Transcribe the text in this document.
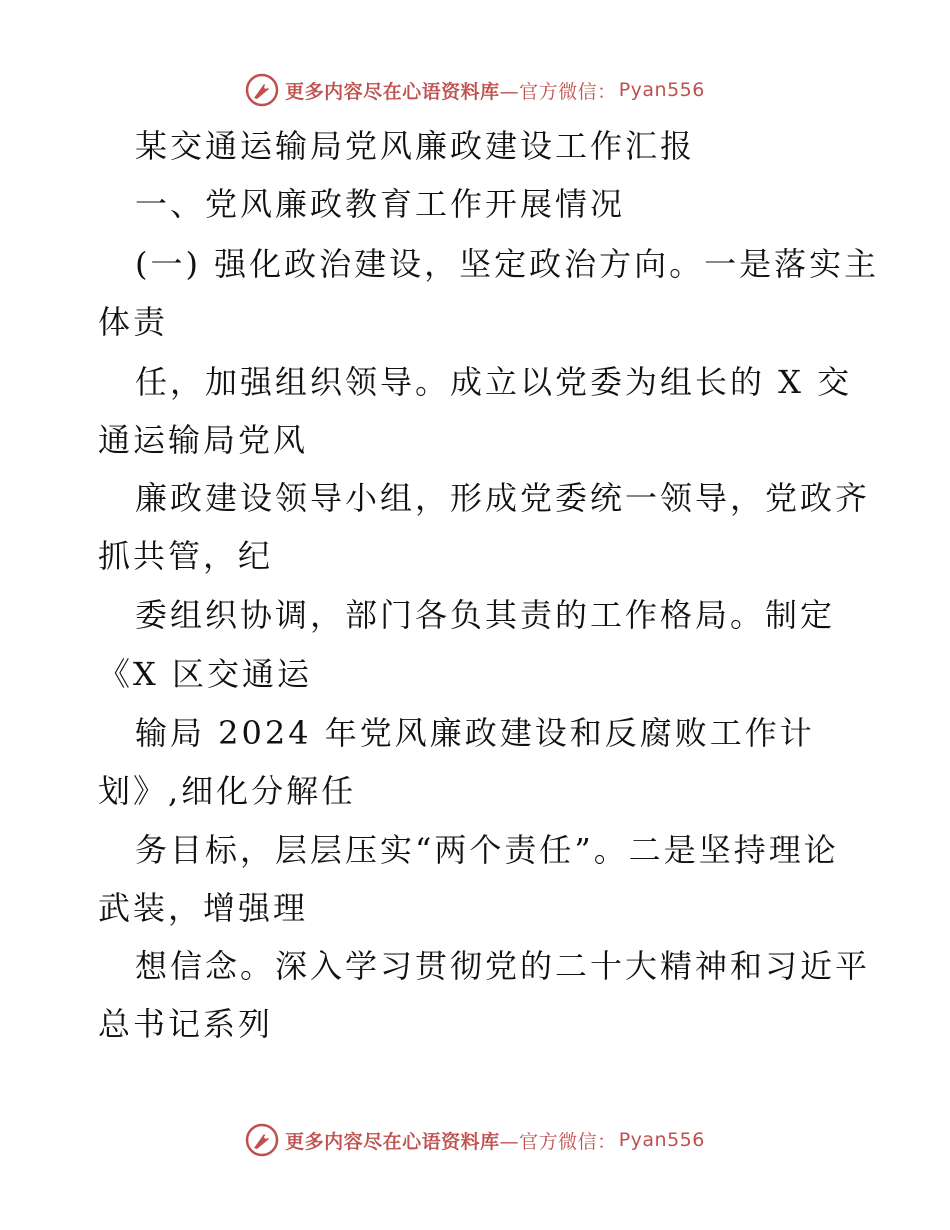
更多内容尽在心语资料库 —官方微信： Pyan556
某交通运输局党风廉政建设工作汇报
一、党风廉政教育工作开展情况
(一) 强化政治建设，坚定政治方向。一是落实主
体责
任，加强组织领导。成立以党委为组长的 X 交
通运输局党风
廉政建设领导小组，形成党委统一领导，党政齐
抓共管，纪
委组织协调，部门各负其责的工作格局。制定
《X 区交通运
输局 2024 年党风廉政建设和反腐败工作计
划》,细化分解任
务目标，层层压实“两个责任”。二是坚持理论
武装，增强理
想信念。深入学习贯彻党的二十大精神和习近平
总书记系列
更多内容尽在心语资料库 —官方微信： Pyan556
